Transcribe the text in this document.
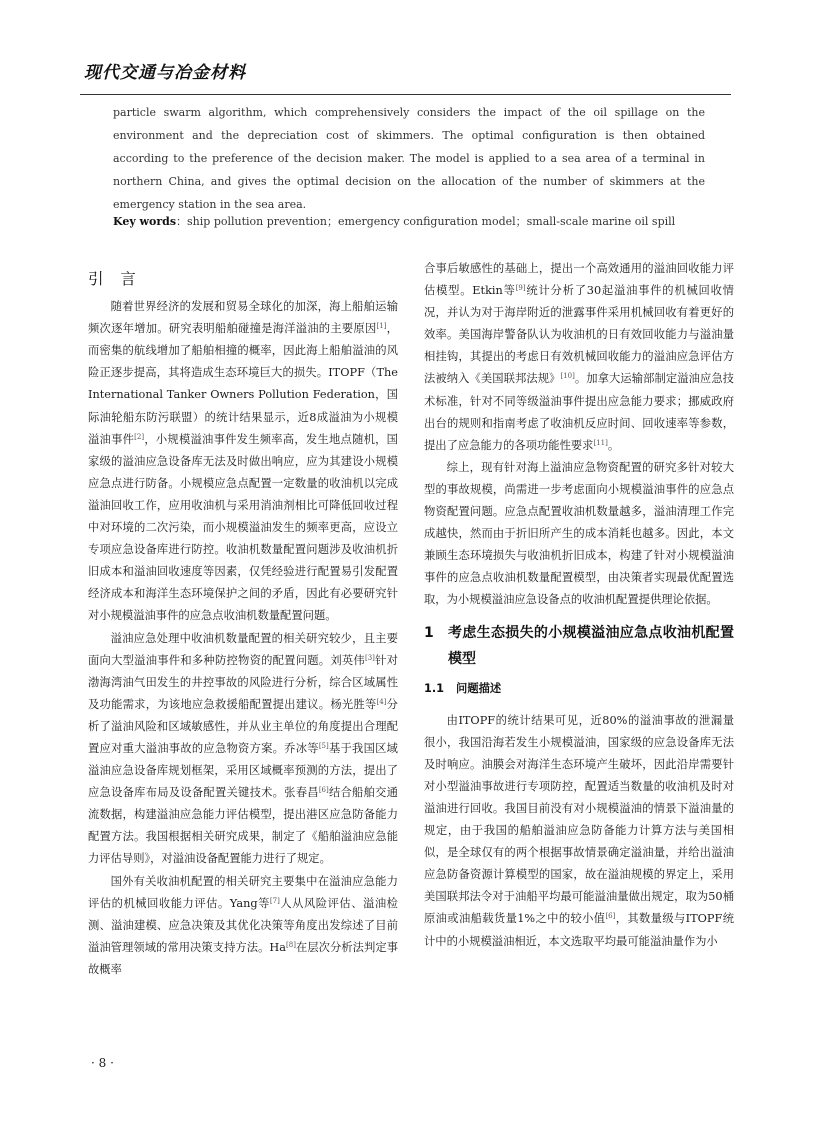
现代交通与冶金材料
particle swarm algorithm, which comprehensively considers the impact of the oil spillage on the environment and the depreciation cost of skimmers. The optimal configuration is then obtained according to the preference of the decision maker. The model is applied to a sea area of a terminal in northern China, and gives the optimal decision on the allocation of the number of skimmers at the emergency station in the sea area.
Key words：ship pollution prevention；emergency configuration model；small-scale marine oil spill
引 言

随着世界经济的发展和贸易全球化的加深，海上船舶运输频次逐年增加。研究表明船舶碰撞是海洋溢油的主要原因[1]，而密集的航线增加了船舶相撞的概率，因此海上船舶溢油的风险正逐步提高，其将造成生态环境巨大的损失。ITOPF（The International Tanker Owners Pollution Federation，国际油轮船东防污联盟）的统计结果显示，近8成溢油为小规模溢油事件[2]，小规模溢油事件发生频率高，发生地点随机，国家级的溢油应急设备库无法及时做出响应，应为其建设小规模应急点进行防备。小规模应急点配置一定数量的收油机以完成溢油回收工作，应用收油机与采用消油剂相比可降低回收过程中对环境的二次污染，而小规模溢油发生的频率更高，应设立专项应急设备库进行防控。收油机数量配置问题涉及收油机折旧成本和溢油回收速度等因素，仅凭经验进行配置易引发配置经济成本和海洋生态环境保护之间的矛盾，因此有必要研究针对小规模溢油事件的应急点收油机数量配置问题。

溢油应急处理中收油机数量配置的相关研究较少，且主要面向大型溢油事件和多种防控物资的配置问题。刘英伟[3]针对渤海湾油气田发生的井控事故的风险进行分析，综合区域属性及功能需求，为该地应急救援船配置提出建议。杨光胜等[4]分析了溢油风险和区域敏感性，并从业主单位的角度提出合理配置应对重大溢油事故的应急物资方案。乔冰等[5]基于我国区域溢油应急设备库规划框架，采用区域概率预测的方法，提出了应急设备库布局及设备配置关键技术。张春昌[6]结合船舶交通流数据，构建溢油应急能力评估模型，提出港区应急防备能力配置方法。我国根据相关研究成果，制定了《船舶溢油应急能力评估导则》，对溢油设备配置能力进行了规定。

国外有关收油机配置的相关研究主要集中在溢油应急能力评估的机械回收能力评估。Yang等[7]人从风险评估、溢油检测、溢油建模、应急决策及其优化决策等角度出发综述了目前溢油管理领域的常用决策支持方法。Ha[8]在层次分析法判定事故概率

合事后敏感性的基础上，提出一个高效通用的溢油回收能力评估模型。Etkin等[9]统计分析了30起溢油事件的机械回收情况，并认为对于海岸附近的泄露事件采用机械回收有着更好的效率。美国海岸警备队认为收油机的日有效回收能力与溢油量相挂钩，其提出的考虑日有效机械回收能力的溢油应急评估方法被纳入《美国联邦法规》[10]。加拿大运输部制定溢油应急技术标准，针对不同等级溢油事件提出应急能力要求；挪威政府出台的规则和指南考虑了收油机反应时间、回收速率等参数，提出了应急能力的各项功能性要求[11]。

综上，现有针对海上溢油应急物资配置的研究多针对较大型的事故规模，尚需进一步考虑面向小规模溢油事件的应急点物资配置问题。应急点配置收油机数量越多，溢油清理工作完成越快，然而由于折旧所产生的成本消耗也越多。因此，本文兼顾生态环境损失与收油机折旧成本，构建了针对小规模溢油事件的应急点收油机数量配置模型，由决策者实现最优配置选取，为小规模溢油应急设备点的收油机配置提供理论依据。

1	考虑生态损失的小规模溢油应急点收油机配置模型
1.1 问题描述

由ITOPF的统计结果可见，近80%的溢油事故的泄漏量很小，我国沿海若发生小规模溢油，国家级的应急设备库无法及时响应。油膜会对海洋生态环境产生破坏，因此沿岸需要针对小型溢油事故进行专项防控，配置适当数量的收油机及时对溢油进行回收。我国目前没有对小规模溢油的情景下溢油量的规定，由于我国的船舶溢油应急防备能力计算方法与美国相似，是全球仅有的两个根据事故情景确定溢油量，并给出溢油应急防备资源计算模型的国家，故在溢油规模的界定上，采用美国联邦法令对于油船平均最可能溢油量做出规定，取为50桶原油或油船载货量1%之中的较小值[6]，其数量级与ITOPF统计中的小规模溢油相近，本文选取平均最可能溢油量作为小

· 8 ·
